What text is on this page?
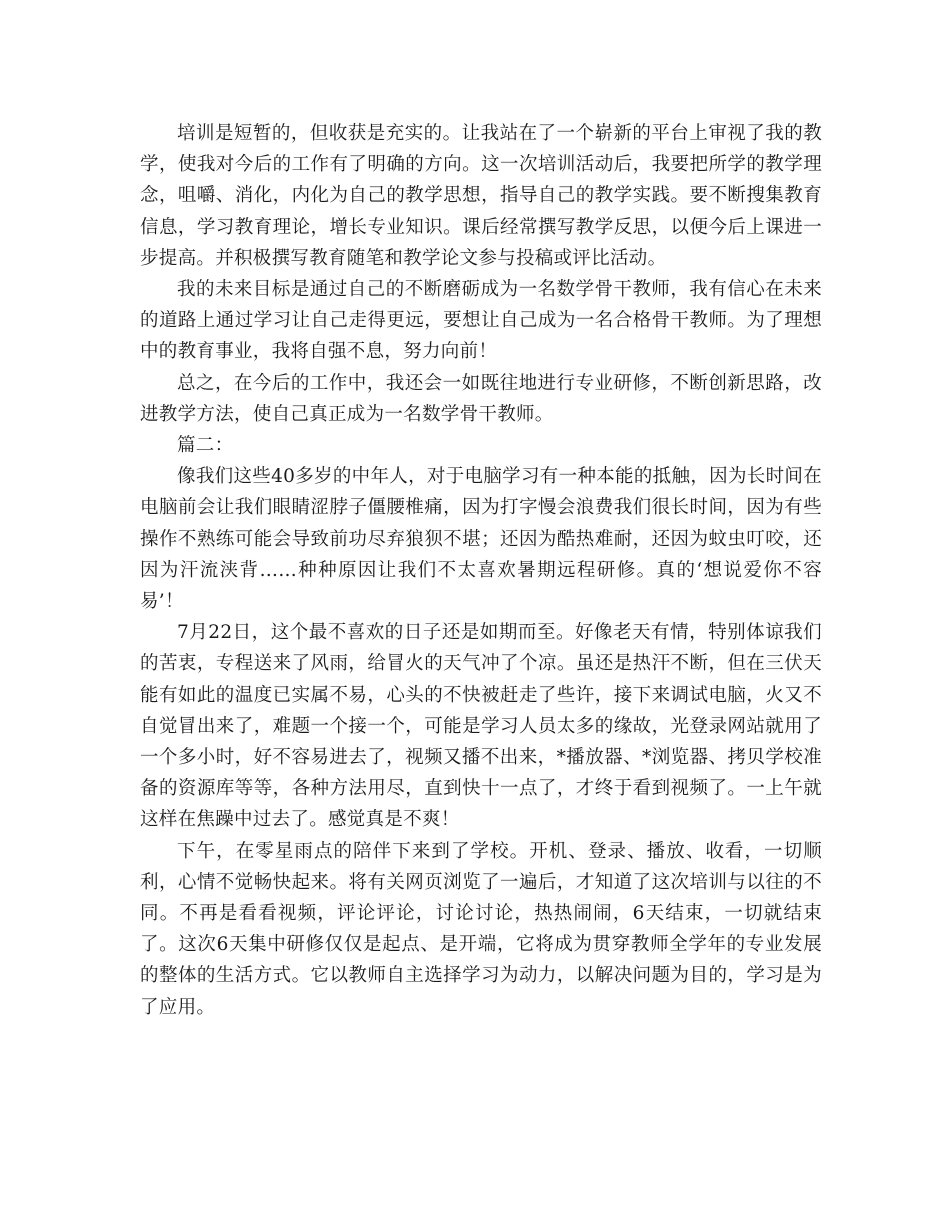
培训是短暂的，但收获是充实的。让我站在了一个崭新的平台上审视了我的教学，使我对今后的工作有了明确的方向。这一次培训活动后，我要把所学的教学理念，咀嚼、消化，内化为自己的教学思想，指导自己的教学实践。要不断搜集教育信息，学习教育理论，增长专业知识。课后经常撰写教学反思，以便今后上课进一步提高。并积极撰写教育随笔和教学论文参与投稿或评比活动。

我的未来目标是通过自己的不断磨砺成为一名数学骨干教师，我有信心在未来的道路上通过学习让自己走得更远，要想让自己成为一名合格骨干教师。为了理想中的教育事业，我将自强不息，努力向前！

总之，在今后的工作中，我还会一如既往地进行专业研修，不断创新思路，改进教学方法，使自己真正成为一名数学骨干教师。

篇二：

像我们这些40多岁的中年人，对于电脑学习有一种本能的抵触，因为长时间在电脑前会让我们眼睛涩脖子僵腰椎痛，因为打字慢会浪费我们很长时间，因为有些操作不熟练可能会导致前功尽弃狼狈不堪；还因为酷热难耐，还因为蚊虫叮咬，还因为汗流浃背……种种原因让我们不太喜欢暑期远程研修。真的‘想说爱你不容易’！

7月22日，这个最不喜欢的日子还是如期而至。好像老天有情，特别体谅我们的苦衷，专程送来了风雨，给冒火的天气冲了个凉。虽还是热汗不断，但在三伏天能有如此的温度已实属不易，心头的不快被赶走了些许，接下来调试电脑，火又不自觉冒出来了，难题一个接一个，可能是学习人员太多的缘故，光登录网站就用了一个多小时，好不容易进去了，视频又播不出来，*播放器、*浏览器、拷贝学校准备的资源库等等，各种方法用尽，直到快十一点了，才终于看到视频了。一上午就这样在焦躁中过去了。感觉真是不爽！

下午，在零星雨点的陪伴下来到了学校。开机、登录、播放、收看，一切顺利，心情不觉畅快起来。将有关网页浏览了一遍后，才知道了这次培训与以往的不同。不再是看看视频，评论评论，讨论讨论，热热闹闹，6天结束，一切就结束了。这次6天集中研修仅仅是起点、是开端，它将成为贯穿教师全学年的专业发展的整体的生活方式。它以教师自主选择学习为动力，以解决问题为目的，学习是为了应用。
